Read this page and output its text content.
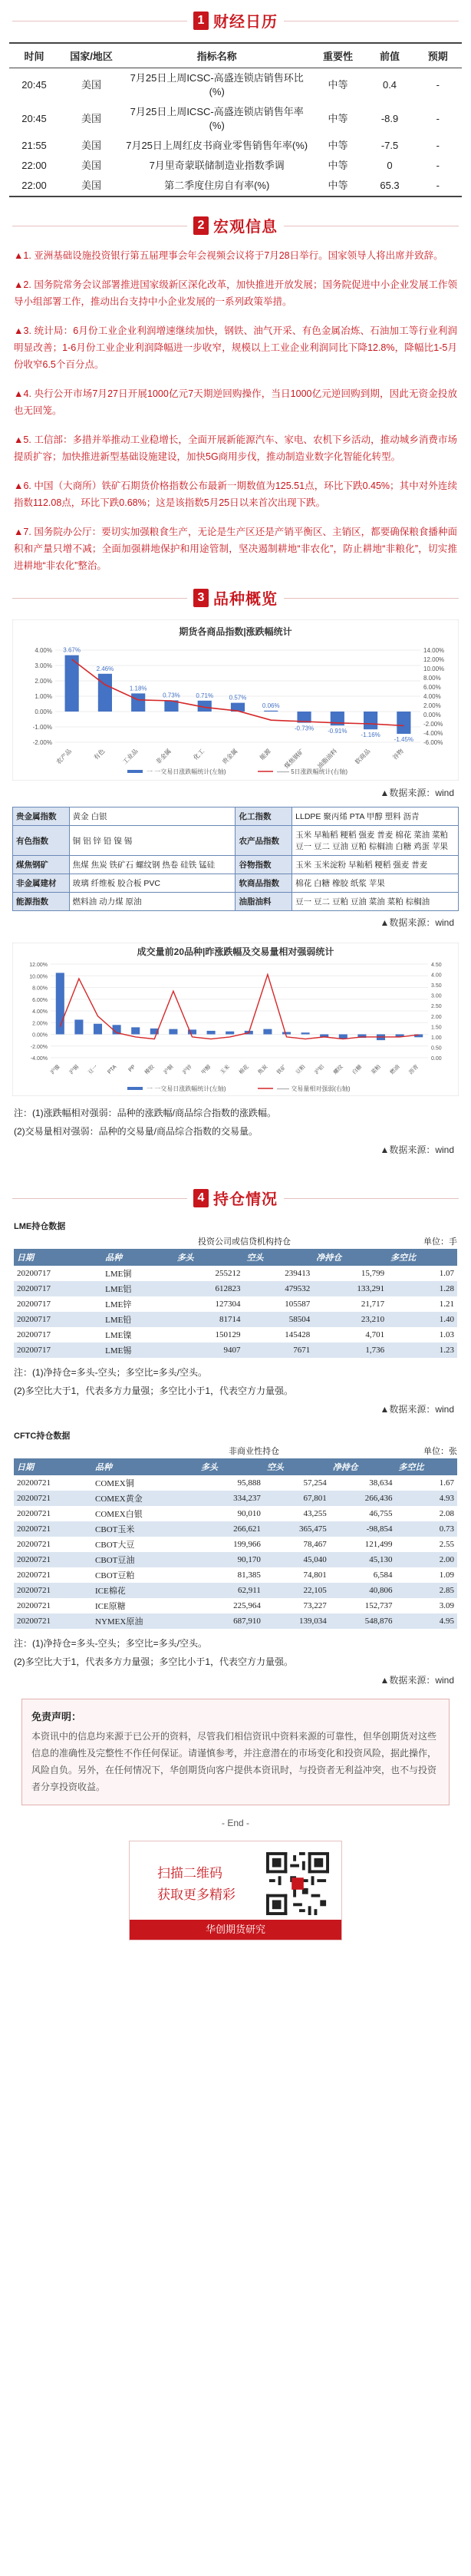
1 财经日历
时间	国家/地区	指标名称	重要性	前值	预期
20:45	美国	7月25日上周ICSC-高盛连锁店销售环比(%)	中等	0.4	-
20:45	美国	7月25日上周ICSC-高盛连锁店销售年率(%)	中等	-8.9	-
21:55	美国	7月25日上周红皮书商业零售销售年率(%)	中等	-7.5	-
22:00	美国	7月里奇蒙联储制造业指数季调	中等	0	-
22:00	美国	第二季度住房自有率(%)	中等	65.3	-
2 宏观信息
▲1. 亚洲基础设施投资银行第五届理事会年会视频会议将于7月28日举行。国家领导人将出席并致辞。
▲2. 国务院常务会议部署推进国家级新区深化改革，加快推进开放发展；国务院促进中小企业发展工作领导小组部署工作，推动出台支持中小企业发展的一系列政策举措。
▲3. 统计局：6月份工业企业利润增速继续加快，钢铁、油气开采、有色金属冶炼、石油加工等行业利润明显改善；1-6月份工业企业利润降幅进一步收窄，规模以上工业企业利润同比下降12.8%，降幅比1-5月份收窄6.5个百分点。
▲4. 央行公开市场7月27日开展1000亿元7天期逆回购操作，当日1000亿元逆回购到期，因此无资金投放也无回笼。
▲5. 工信部：多措并举推动工业稳增长，全面开展新能源汽车、家电、农机下乡活动，推动城乡消费市场提质扩容；加快推进新型基础设施建设，加快5G商用步伐，推动制造业数字化智能化转型。
▲6. 中国（大商所）铁矿石期货价格指数公布最新一期数值为125.51点，环比下跌0.45%；其中对外连续指数112.08点，环比下跌0.68%；这是该指数5月25日以来首次出现下跌。
▲7. 国务院办公厅：要切实加强粮食生产，无论是生产区还是产销平衡区、主销区，都要确保粮食播种面积和产量只增不减；全面加强耕地保护和用途管制，坚决遏制耕地“非农化”，防止耕地“非粮化”，切实推进耕地“非农化”整治。
3 品种概览
期货各商品指数|涨跌幅统计
4.00%
3.00%
2.00%
1.00%
0.00%
-1.00%
-2.00%
14.00%
12.00%
10.00%
8.00%
6.00%
4.00%
2.00%
0.00%
-2.00%
-4.00%
-6.00%
3.67%
农产品
2.46%
有色
1.18%
工业品
0.73%
非金属
0.71%
化工
0.57%
贵金属
0.06%
能源
-0.73%
煤焦钢矿
-0.91%
油脂油料
-1.16%
软商品
-1.45%
谷物
一 一交易日涨跌幅统计(左轴)	—— 5日涨跌幅统计(右轴)
▲数据来源：wind
贵金属指数	黄金 白银	化工指数	LLDPE 聚丙烯 PTA 甲醇 塑料 沥青
有色指数	铜 铝 锌 铅 镍 锡	农产品指数	玉米 早籼稻 粳稻 强麦 普麦 棉花 菜油 菜粕 豆一 豆二 豆油 豆粕 棕榈油 白糖 鸡蛋 苹果
煤焦钢矿	焦煤 焦炭 铁矿石 螺纹钢 热卷 硅铁 锰硅	谷物指数	玉米 玉米淀粉 早籼稻 粳稻 强麦 普麦
非金属建材	玻璃 纤维板 胶合板 PVC	软商品指数	棉花 白糖 橡胶 纸浆 苹果
能源指数	燃料油 动力煤 原油	油脂油料	豆一 豆二 豆粕 豆油 菜油 菜粕 棕榈油
▲数据来源：wind
成交量前20品种|昨涨跌幅及交易量相对强弱统计
12.00%
10.00%
8.00%
6.00%
4.00%
2.00%
0.00%
-2.00%
-4.00%
4.50
4.00
3.50
3.00
2.50
2.00
1.50
1.00
0.50
0.00
沪镍 沪锡 豆一 PTA PP 橡胶 沪铜 沪锌 甲醇 玉米 棉花 焦炭 铁矿 豆粕 沪铝 螺纹 白糖 菜粕 燃油 沥青
一 一交易日涨跌幅统计(左轴)	—— 交易量相对强弱(右轴)
注：(1)涨跌幅相对强弱：品种的涨跌幅/商品综合指数的涨跌幅。
(2)交易量相对强弱：品种的交易量/商品综合指数的交易量。
▲数据来源：wind
4 持仓情况
LME持仓数据
投资公司或信贷机构持仓	单位：手
日期	品种	多头	空头	净持仓	多空比
20200717	LME铜	255212	239413	15,799	1.07
20200717	LME铝	612823	479532	133,291	1.28
20200717	LME锌	127304	105587	21,717	1.21
20200717	LME铅	81714	58504	23,210	1.40
20200717	LME镍	150129	145428	4,701	1.03
20200717	LME锡	9407	7671	1,736	1.23
注：(1)净持仓=多头-空头；多空比=多头/空头。
(2)多空比大于1，代表多方力量强；多空比小于1，代表空方力量强。
▲数据来源：wind
CFTC持仓数据
非商业性持仓	单位：张
日期	品种	多头	空头	净持仓	多空比
20200721	COMEX铜	95,888	57,254	38,634	1.67
20200721	COMEX黄金	334,237	67,801	266,436	4.93
20200721	COMEX白银	90,010	43,255	46,755	2.08
20200721	CBOT玉米	266,621	365,475	-98,854	0.73
20200721	CBOT大豆	199,966	78,467	121,499	2.55
20200721	CBOT豆油	90,170	45,040	45,130	2.00
20200721	CBOT豆粕	81,385	74,801	6,584	1.09
20200721	ICE棉花	62,911	22,105	40,806	2.85
20200721	ICE原糖	225,964	73,227	152,737	3.09
20200721	NYMEX原油	687,910	139,034	548,876	4.95
注：(1)净持仓=多头-空头；多空比=多头/空头。
(2)多空比大于1，代表多方力量强；多空比小于1，代表空方力量强。
▲数据来源：wind
免责声明：
本资讯中的信息均来源于已公开的资料，尽管我们相信资讯中资料来源的可靠性，但华创期货对这些信息的准确性及完整性不作任何保证。请谨慎参考，并注意潜在的市场变化和投资风险，据此操作，风险自负。另外，在任何情况下，华创期货向客户提供本资讯时，与投资者无利益冲突，也不与投资者分享投资收益。
- End -
扫描二维码
获取更多精彩
华创期货研究
